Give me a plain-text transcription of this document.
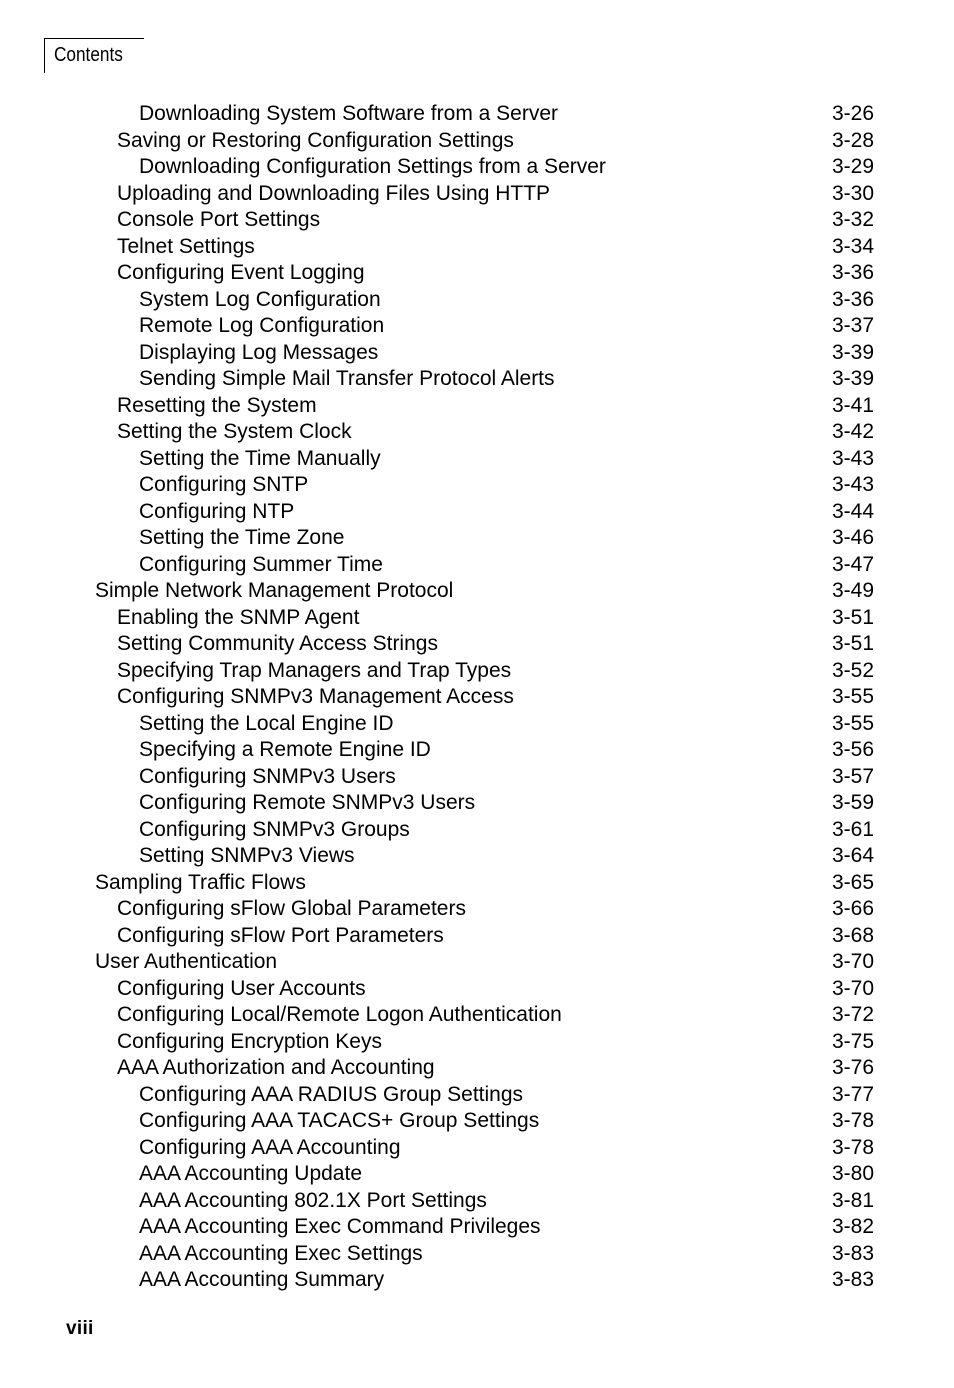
Contents
Downloading System Software from a Server	3-26
Saving or Restoring Configuration Settings	3-28
Downloading Configuration Settings from a Server	3-29
Uploading and Downloading Files Using HTTP	3-30
Console Port Settings	3-32
Telnet Settings	3-34
Configuring Event Logging	3-36
System Log Configuration	3-36
Remote Log Configuration	3-37
Displaying Log Messages	3-39
Sending Simple Mail Transfer Protocol Alerts	3-39
Resetting the System	3-41
Setting the System Clock	3-42
Setting the Time Manually	3-43
Configuring SNTP	3-43
Configuring NTP	3-44
Setting the Time Zone	3-46
Configuring Summer Time	3-47
Simple Network Management Protocol	3-49
Enabling the SNMP Agent	3-51
Setting Community Access Strings	3-51
Specifying Trap Managers and Trap Types	3-52
Configuring SNMPv3 Management Access	3-55
Setting the Local Engine ID	3-55
Specifying a Remote Engine ID	3-56
Configuring SNMPv3 Users	3-57
Configuring Remote SNMPv3 Users	3-59
Configuring SNMPv3 Groups	3-61
Setting SNMPv3 Views	3-64
Sampling Traffic Flows	3-65
Configuring sFlow Global Parameters	3-66
Configuring sFlow Port Parameters	3-68
User Authentication	3-70
Configuring User Accounts	3-70
Configuring Local/Remote Logon Authentication	3-72
Configuring Encryption Keys	3-75
AAA Authorization and Accounting	3-76
Configuring AAA RADIUS Group Settings	3-77
Configuring AAA TACACS+ Group Settings	3-78
Configuring AAA Accounting	3-78
AAA Accounting Update	3-80
AAA Accounting 802.1X Port Settings	3-81
AAA Accounting Exec Command Privileges	3-82
AAA Accounting Exec Settings	3-83
AAA Accounting Summary	3-83
viii
